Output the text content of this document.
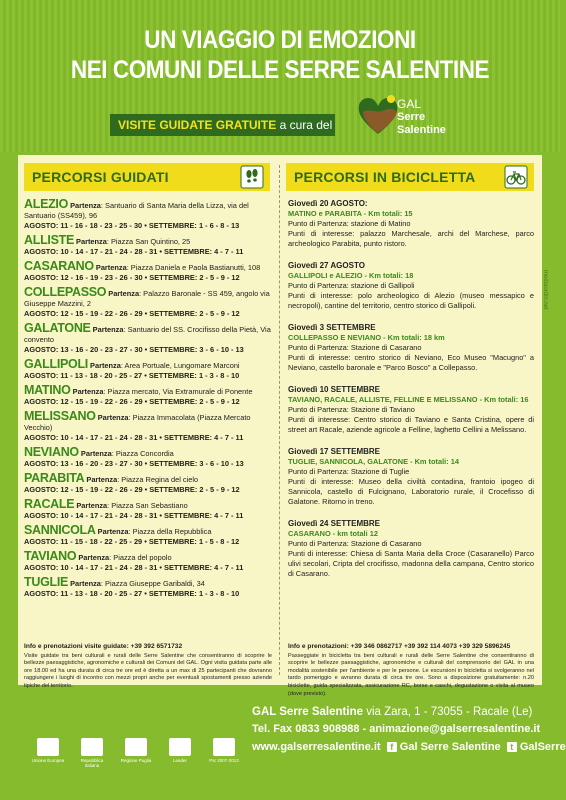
UN VIAGGIO DI EMOZIONI
NEI COMUNI DELLE SERRE SALENTINE
VISITE GUIDATE GRATUITE a cura del
GAL
Serre
Salentine
mediaordin.net
PERCORSI GUIDATI	PERCORSI IN BICICLETTA
ALEZIO Partenza: Santuario di Santa Maria della Lizza, via del Santuario (SS459), 96
AGOSTO: 11 - 16 - 18 - 23 - 25 - 30 • SETTEMBRE: 1 - 6 - 8 - 13
ALLISTE Partenza: Piazza San Quintino, 25
AGOSTO: 10 - 14 - 17 - 21 - 24 - 28 - 31 • SETTEMBRE: 4 - 7 - 11
CASARANO Partenza: Piazza Daniela e Paola Bastianutti, 108
AGOSTO: 12 - 16 - 19 - 23 - 26 - 30 • SETTEMBRE: 2 - 5 - 9 - 12
COLLEPASSO Partenza: Palazzo Baronale - SS 459, angolo via Giuseppe Mazzini, 2
AGOSTO: 12 - 15 - 19 - 22 - 26 - 29 • SETTEMBRE: 2 - 5 - 9 - 12
GALATONE Partenza: Santuario del SS. Crocifisso della Pietà, Via convento
AGOSTO: 13 - 16 - 20 - 23 - 27 - 30 • SETTEMBRE: 3 - 6 - 10 - 13
GALLIPOLI Partenza: Area Portuale, Lungomare Marconi
AGOSTO: 11 - 13 - 18 - 20 - 25 - 27 • SETTEMBRE: 1 - 3 - 8 - 10
MATINO Partenza: Piazza mercato, Via Extramurale di Ponente
AGOSTO: 12 - 15 - 19 - 22 - 26 - 29 • SETTEMBRE: 2 - 5 - 9 - 12
MELISSANO Partenza: Piazza Immacolata (Piazza Mercato Vecchio)
AGOSTO: 10 - 14 - 17 - 21 - 24 - 28 - 31 • SETTEMBRE: 4 - 7 - 11
NEVIANO Partenza: Piazza Concordia
AGOSTO: 13 - 16 - 20 - 23 - 27 - 30 • SETTEMBRE: 3 - 6 - 10 - 13
PARABITA Partenza: Piazza Regina del cielo
AGOSTO: 12 - 15 - 19 - 22 - 26 - 29 • SETTEMBRE: 2 - 5 - 9 - 12
RACALE Partenza: Piazza San Sebastiano
AGOSTO: 10 - 14 - 17 - 21 - 24 - 28 - 31 • SETTEMBRE: 4 - 7 - 11
SANNICOLA Partenza: Piazza della Repubblica
AGOSTO: 11 - 15 - 18 - 22 - 25 - 29 • SETTEMBRE: 1 - 5 - 8 - 12
TAVIANO Partenza: Piazza del popolo
AGOSTO: 10 - 14 - 17 - 21 - 24 - 28 - 31 • SETTEMBRE: 4 - 7 - 11
TUGLIE Partenza: Piazza Giuseppe Garibaldi, 34
AGOSTO: 11 - 13 - 18 - 20 - 25 - 27 • SETTEMBRE: 1 - 3 - 8 - 10
Giovedì 20 AGOSTO:
MATINO e PARABITA - Km totali: 15

Punto di Partenza: stazione di Matino

Punti di interesse: palazzo Marchesale, archi del Marchese, parco archeologico Parabita, punto ristoro.

Giovedì 27 AGOSTO
GALLIPOLI e ALEZIO - Km totali: 18

Punto di Partenza: stazione di Gallipoli

Punti di interesse: polo archeologico di Alezio (museo messapico e necropoli), cantine del territorio, centro storico di Gallipoli.

Giovedì 3 SETTEMBRE
COLLEPASSO E NEVIANO - Km totali: 18 km

Punto di Partenza: Stazione di Casarano

Punti di interesse: centro storico di Neviano, Eco Museo "Macugno" a Neviano, castello baronale e "Parco Bosco" a Collepasso.

Giovedì 10 SETTEMBRE
TAVIANO, RACALE, ALLISTE, FELLINE E MELISSANO - Km totali: 16

Punto di Partenza: Stazione di Taviano

Punti di interesse: Centro storico di Taviano e Santa Cristina, opere di street art Racale, aziende agricole a Felline, laghetto Cellini a Melissano.

Giovedì 17 SETTEMBRE
TUGLIE, SANNICOLA, GALATONE - Km totali: 14

Punto di Partenza: Stazione di Tuglie

Punti di interesse: Museo della civiltà contadina, frantoio ipogeo di Sannicola, castello di Fulcignano, Laboratorio rurale, il Crocefisso di Galatone. Ritorno in treno.

Giovedì 24 SETTEMBRE
CASARANO - km totali 12

Punto di Partenza: Stazione di Casarano

Punti di interesse: Chiesa di Santa Maria della Croce (Casaranello) Parco ulivi secolari, Cripta del crocifisso, madonna della campana, Centro storico di Casarano.

Info e prenotazioni visite guidate: +39 392 6571732
Visite guidate tra beni culturali e rurali delle Serre Salentine che consentiranno di scoprire le bellezze paesaggistiche, agronomiche e culturali dei Comuni del GAL. Ogni visita guidata parte alle ore 18.00 ed ha una durata di circa tre ore ed è diretta a un max di 25 partecipanti che dovranno raggiungere i luoghi di incontro con mezzi propri anche per eventuali spostamenti presso aziende tipiche del territorio.
Info e prenotazioni: +39 346 0862717 +39 392 114 4073 +39 329 5896245
Passeggiate in bicicletta tra beni culturali e rurali delle Serre Salentine che consentiranno di scoprire le bellezze paesaggistiche, agronomiche e culturali del comprensorio del GAL in una modalità sostenibile per l'ambiente e per le persone. Le escursioni in bicicletta si svolgeranno nel tardo pomeriggio e avranno durata di circa tre ore. Sono a disposizione gratuitamente: n.20 biciclette, guida specializzata, assicurazione RC, borse e caschi, degustazione o visita al museo (dove previsto).
Unione Europea	Repubblica Italiana
Regione Puglia	Leader	Psr 2007-2013
GAL Serre Salentine via Zara, 1 - 73055 - Racale (Le)
Tel. Fax 0833 908988 - animazione@galserresalentine.it
www.galserresalentine.it f Gal Serre Salentine t GalSerre
